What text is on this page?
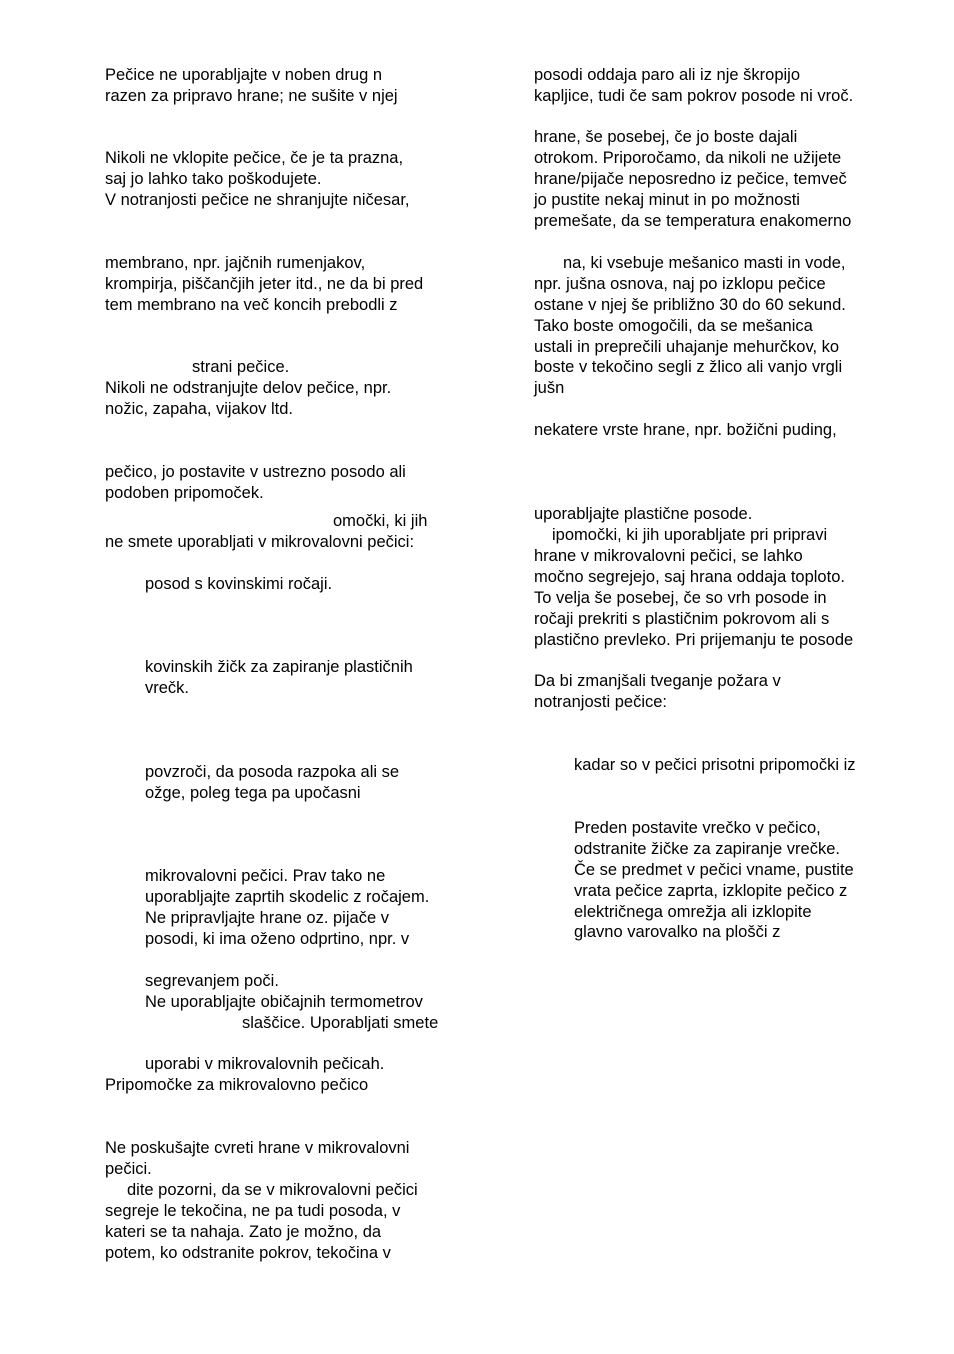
Pečice ne uporabljajte v noben drug n

razen za pripravo hrane; ne sušite v njej

Nikoli ne vklopite pečice, če je ta prazna,

saj jo lahko tako poškodujete.

V notranjosti pečice ne shranjujte ničesar,

membrano, npr. jajčnih rumenjakov,

krompirja, piščančjih jeter itd., ne da bi pred

tem membrano na več koncih prebodli z

strani pečice.

Nikoli ne odstranjujte delov pečice, npr.

nožic, zapaha, vijakov ltd.

pečico, jo postavite v ustrezno posodo ali

podoben pripomoček.

omočki, ki jih

ne smete uporabljati v mikrovalovni pečici:

posod s kovinskimi ročaji.

kovinskih žičk za zapiranje plastičnih

vrečk.

povzroči, da posoda razpoka ali se

ožge, poleg tega pa upočasni

mikrovalovni pečici. Prav tako ne

uporabljajte zaprtih skodelic z ročajem.

Ne pripravljajte hrane oz. pijače v

posodi, ki ima oženo odprtino, npr. v

segrevanjem poči.

Ne uporabljajte običajnih termometrov

slaščice. Uporabljati smete

uporabi v mikrovalovnih pečicah.

Pripomočke za mikrovalovno pečico

Ne poskušajte cvreti hrane v mikrovalovni

pečici.

dite pozorni, da se v mikrovalovni pečici

segreje le tekočina, ne pa tudi posoda, v

kateri se ta nahaja. Zato je možno, da

potem, ko odstranite pokrov, tekočina v

posodi oddaja paro ali iz nje škropijo

kapljice, tudi če sam pokrov posode ni vroč.

hrane, še posebej, če jo boste dajali

otrokom. Priporočamo, da nikoli ne užijete

hrane/pijače neposredno iz pečice, temveč

jo pustite nekaj minut in po možnosti

premešate, da se temperatura enakomerno

na, ki vsebuje mešanico masti in vode,

npr. jušna osnova, naj po izklopu pečice

ostane v njej še približno 30 do 60 sekund.

Tako boste omogočili, da se mešanica

ustali in preprečili uhajanje mehurčkov, ko

boste v tekočino segli z žlico ali vanjo vrgli

jušn

nekatere vrste hrane, npr. božični puding,

uporabljajte plastične posode.

ipomočki, ki jih uporabljate pri pripravi

hrane v mikrovalovni pečici, se lahko

močno segrejejo, saj hrana oddaja toploto.

To velja še posebej, če so vrh posode in

ročaji prekriti s plastičnim pokrovom ali s

plastično prevleko. Pri prijemanju te posode

Da bi zmanjšali tveganje požara v

notranjosti pečice:

kadar so v pečici prisotni pripomočki iz

Preden postavite vrečko v pečico,

odstranite žičke za zapiranje vrečke.

Če se predmet v pečici vname, pustite

vrata pečice zaprta, izklopite pečico z

električnega omrežja ali izklopite

glavno varovalko na plošči z
